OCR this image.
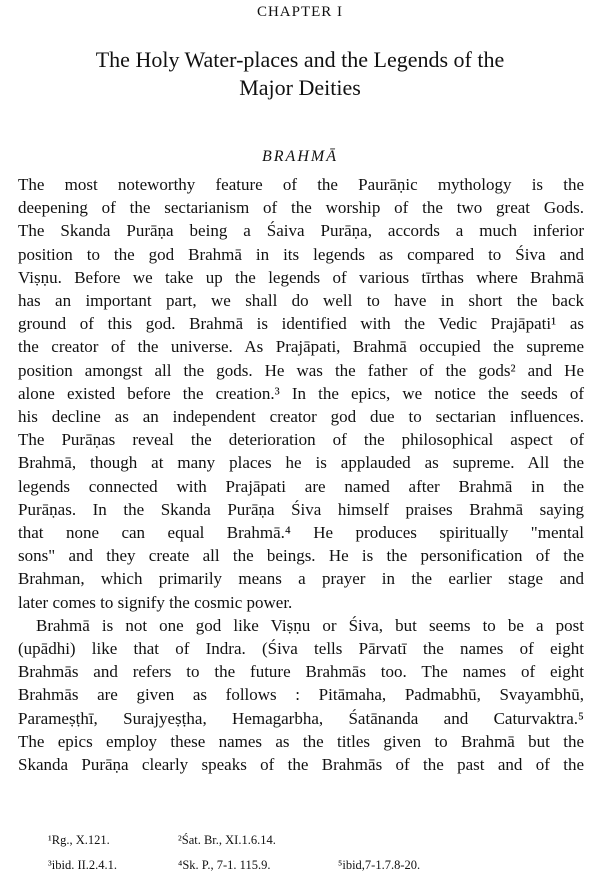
CHAPTER I
The Holy Water-places and the Legends of the
Major Deities
BRAHMĀ

The most noteworthy feature of the Paurāṇic mythology is the

deepening of the sectarianism of the worship of the two great Gods.

The Skanda Purāṇa being a Śaiva Purāṇa, accords a much inferior

position to the god Brahmā in its legends as compared to Śiva and

Viṣṇu. Before we take up the legends of various tīrthas where Brahmā

has an important part, we shall do well to have in short the back

ground of this god. Brahmā is identified with the Vedic Prajāpati¹ as

the creator of the universe. As Prajāpati, Brahmā occupied the supreme

position amongst all the gods. He was the father of the gods² and He

alone existed before the creation.³ In the epics, we notice the seeds of

his decline as an independent creator god due to sectarian influences.

The Purāṇas reveal the deterioration of the philosophical aspect of

Brahmā, though at many places he is applauded as supreme. All the

legends connected with Prajāpati are named after Brahmā in the

Purāṇas. In the Skanda Purāṇa Śiva himself praises Brahmā saying

that none can equal Brahmā.⁴ He produces spiritually "mental

sons" and they create all the beings. He is the personification of the

Brahman, which primarily means a prayer in the earlier stage and

later comes to signify the cosmic power.

Brahmā is not one god like Viṣṇu or Śiva, but seems to be a post

(upādhi) like that of Indra. (Śiva tells Pārvatī the names of eight

Brahmās and refers to the future Brahmās too. The names of eight

Brahmās are given as follows : Pitāmaha, Padmabhū, Svayambhū,

Parameṣṭhī, Surajyeṣṭha, Hemagarbha, Śatānanda and Caturvaktra.⁵

The epics employ these names as the titles given to Brahmā but the

Skanda Purāṇa clearly speaks of the Brahmās of the past and of the

¹Rg., X.121.	²Śat. Br., XI.1.6.14.
³ibid. II.2.4.1.	⁴Sk. P., 7-1. 115.9.	⁵ibid,7-1.7.8-20.
